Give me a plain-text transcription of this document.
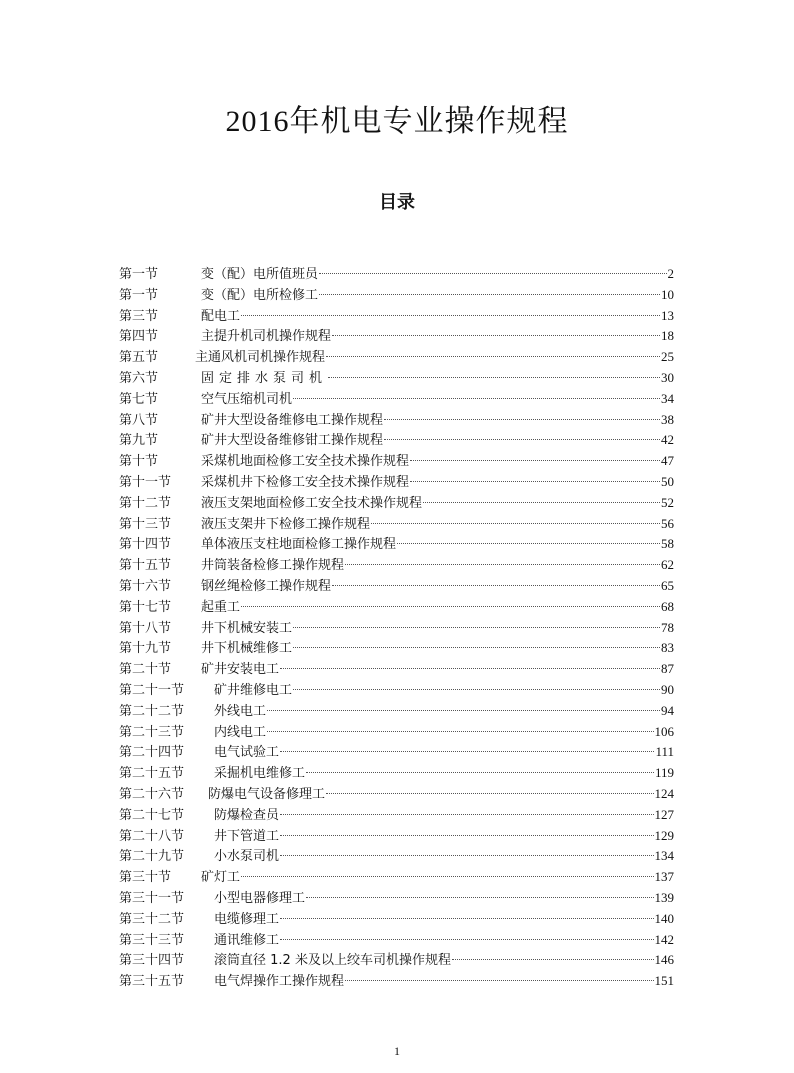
2016年机电专业操作规程
目录
第一节	变（配）电所值班员	2
第一节	变（配）电所检修工	10
第三节	配电工	13
第四节	主提升机司机操作规程	18
第五节	主通风机司机操作规程	25
第六节	固定排水泵司机	30
第七节	空气压缩机司机	34
第八节	矿井大型设备维修电工操作规程	38
第九节	矿井大型设备维修钳工操作规程	42
第十节	采煤机地面检修工安全技术操作规程	47
第十一节 采煤机井下检修工安全技术操作规程	50
第十二节 液压支架地面检修工安全技术操作规程	52
第十三节 液压支架井下检修工操作规程	56
第十四节 单体液压支柱地面检修工操作规程	58
第十五节 井筒装备检修工操作规程	62
第十六节 钢丝绳检修工操作规程	65
第十七节 起重工	68
第十八节 井下机械安装工	78
第十九节 井下机械维修工	83
第二十节 矿井安装电工	87
第二十一节 矿井维修电工	90
第二十二节 外线电工	94
第二十三节 内线电工	106
第二十四节 电气试验工	111
第二十五节 采掘机电维修工	119
第二十六节 防爆电气设备修理工	124
第二十七节 防爆检查员	127
第二十八节 井下管道工	129
第二十九节 小水泵司机	134
第三十节 矿灯工	137
第三十一节 小型电器修理工	139
第三十二节 电缆修理工	140
第三十三节 通讯维修工	142
第三十四节 滚筒直径 1.2 米及以上绞车司机操作规程	146
第三十五节 电气焊操作工操作规程	151
1
